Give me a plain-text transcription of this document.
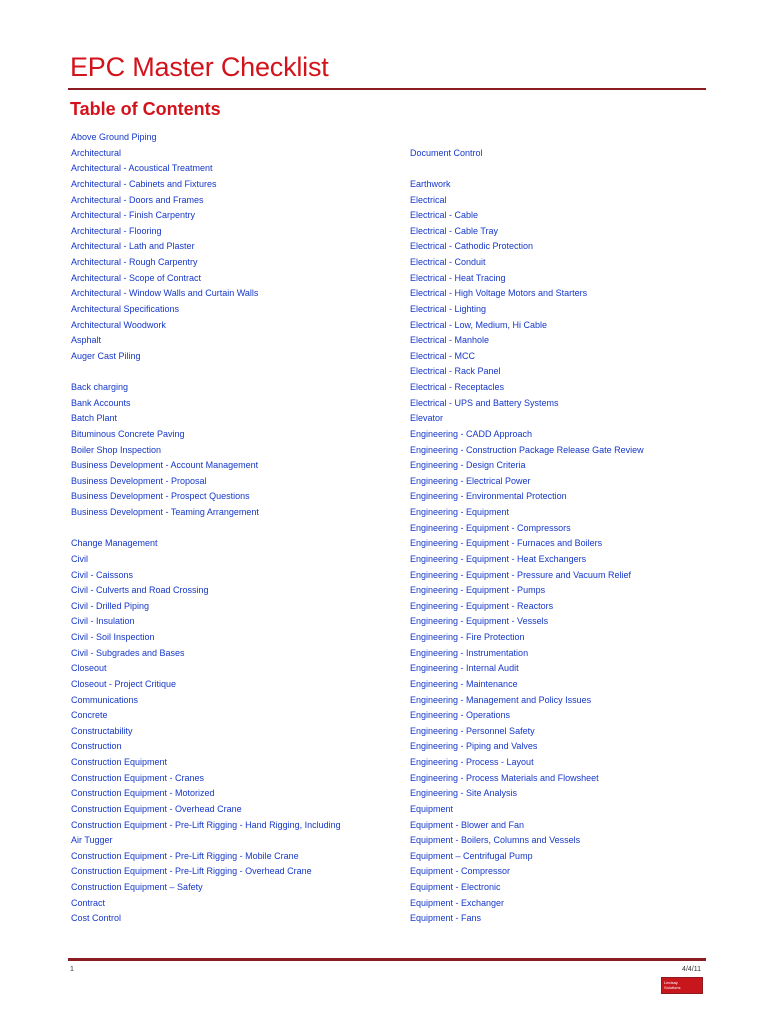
EPC Master Checklist
Table of Contents
Above Ground Piping
Architectural
Architectural - Acoustical Treatment
Architectural - Cabinets and Fixtures
Architectural - Doors and Frames
Architectural - Finish Carpentry
Architectural - Flooring
Architectural - Lath and Plaster
Architectural - Rough Carpentry
Architectural - Scope of Contract
Architectural - Window Walls and Curtain Walls
Architectural Specifications
Architectural Woodwork
Asphalt
Auger Cast Piling
Back charging
Bank Accounts
Batch Plant
Bituminous Concrete Paving
Boiler Shop Inspection
Business Development - Account Management
Business Development - Proposal
Business Development - Prospect Questions
Business Development - Teaming Arrangement
Change Management
Civil
Civil - Caissons
Civil - Culverts and Road Crossing
Civil - Drilled Piping
Civil - Insulation
Civil - Soil Inspection
Civil - Subgrades and Bases
Closeout
Closeout - Project Critique
Communications
Concrete
Constructability
Construction
Construction Equipment
Construction Equipment - Cranes
Construction Equipment - Motorized
Construction Equipment - Overhead Crane
Construction Equipment - Pre-Lift Rigging - Hand Rigging, Including
Air Tugger
Construction Equipment - Pre-Lift Rigging - Mobile Crane
Construction Equipment - Pre-Lift Rigging - Overhead Crane
Construction Equipment – Safety
Contract
Cost Control
Document Control
Earthwork
Electrical
Electrical - Cable
Electrical - Cable Tray
Electrical - Cathodic Protection
Electrical - Conduit
Electrical - Heat Tracing
Electrical - High Voltage Motors and Starters
Electrical - Lighting
Electrical - Low, Medium, Hi Cable
Electrical - Manhole
Electrical - MCC
Electrical - Rack Panel
Electrical - Receptacles
Electrical - UPS and Battery Systems
Elevator
Engineering - CADD Approach
Engineering - Construction Package Release Gate Review
Engineering - Design Criteria
Engineering - Electrical Power
Engineering - Environmental Protection
Engineering - Equipment
Engineering - Equipment - Compressors
Engineering - Equipment - Furnaces and Boilers
Engineering - Equipment - Heat Exchangers
Engineering - Equipment - Pressure and Vacuum Relief
Engineering - Equipment - Pumps
Engineering - Equipment - Reactors
Engineering - Equipment - Vessels
Engineering - Fire Protection
Engineering - Instrumentation
Engineering - Internal Audit
Engineering - Maintenance
Engineering - Management and Policy Issues
Engineering - Operations
Engineering - Personnel Safety
Engineering - Piping and Valves
Engineering - Process - Layout
Engineering - Process Materials and Flowsheet
Engineering - Site Analysis
Equipment
Equipment - Blower and Fan
Equipment - Boilers, Columns and Vessels
Equipment – Centrifugal Pump
Equipment - Compressor
Equipment - Electronic
Equipment - Exchanger
Equipment - Fans
1	4/4/11
Lindsay
Solutions
